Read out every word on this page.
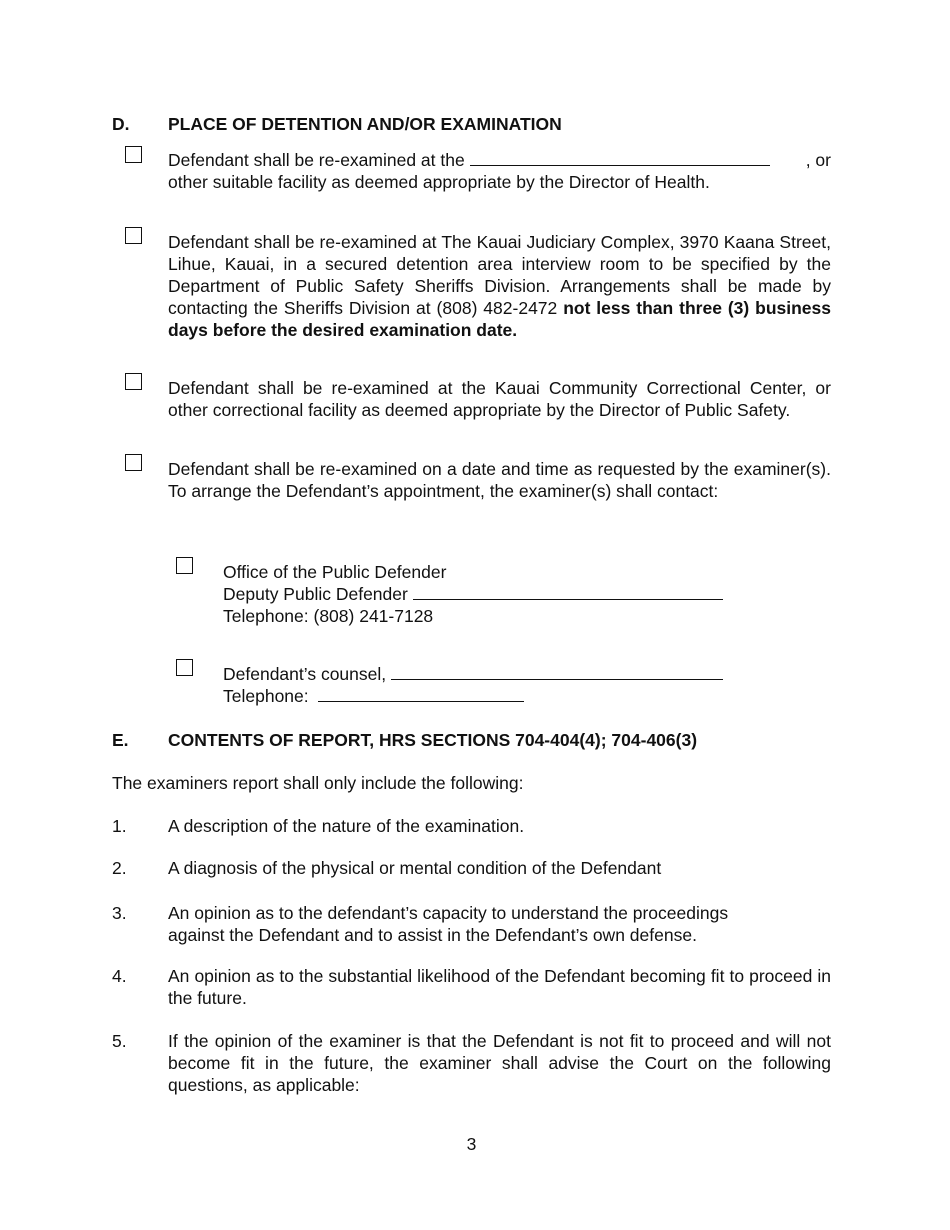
D. PLACE OF DETENTION AND/OR EXAMINATION
Defendant shall be re-examined at the	, or
other suitable facility as deemed appropriate by the Director of Health.
Defendant shall be re-examined at The Kauai Judiciary Complex, 3970 Kaana Street, Lihue, Kauai, in a secured detention area interview room to be specified by the Department of Public Safety Sheriffs Division. Arrangements shall be made by contacting the Sheriffs Division at (808) 482-2472 not less than three (3) business days before the desired examination date.
Defendant shall be re-examined at the Kauai Community Correctional Center, or other correctional facility as deemed appropriate by the Director of Public Safety.
Defendant shall be re-examined on a date and time as requested by the examiner(s). To arrange the Defendant’s appointment, the examiner(s) shall contact:
Office of the Public Defender
Deputy Public Defender
Telephone: (808) 241-7128
Defendant’s counsel,
Telephone:
E. CONTENTS OF REPORT, HRS SECTIONS 704-404(4); 704-406(3)
The examiners report shall only include the following:
1. A description of the nature of the examination.
2. A diagnosis of the physical or mental condition of the Defendant
3. An opinion as to the defendant’s capacity to understand the proceedings
against the Defendant and to assist in the Defendant’s own defense.
4. An opinion as to the substantial likelihood of the Defendant becoming fit to proceed in the future.
5. If the opinion of the examiner is that the Defendant is not fit to proceed and will not become fit in the future, the examiner shall advise the Court on the following questions, as applicable:
3
